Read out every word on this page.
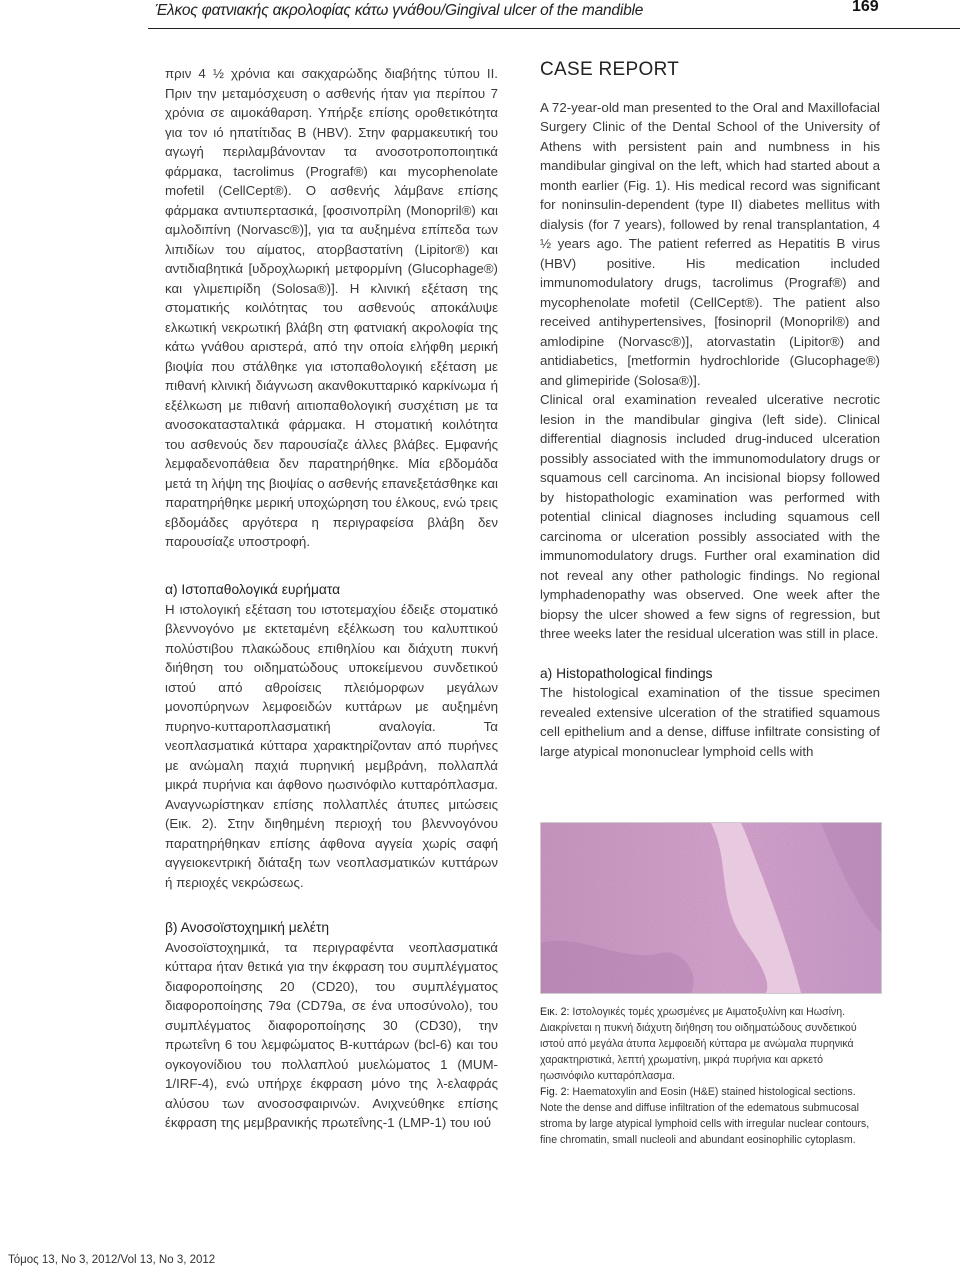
Έλκος φατνιακής ακρολοφίας κάτω γνάθου/Gingival ulcer of the mandible	169

πριν 4 ½ χρόνια και σακχαρώδης διαβήτης τύπου ΙΙ. Πριν την μεταμόσχευση ο ασθενής ήταν για περίπου 7 χρόνια σε αιμοκάθαρση. Υπήρξε επίσης οροθετικότητα για τον ιό ηπατίτιδας Β (HBV). Στην φαρμακευτική του αγωγή περιλαμβάνονταν τα ανοσοτροποποιητικά φάρμακα, tacrolimus (Prograf®) και mycophenolate mofetil (CellCept®). Ο ασθενής λάμβανε επίσης φάρμακα αντιυπερτασικά, [φοσινοπρίλη (Monopril®) και αμλοδιπίνη (Norvasc®)], για τα αυξημένα επίπεδα των λιπιδίων του αίματος, ατορβαστατίνη (Lipitor®) και αντιδιαβητικά [υδροχλωρική μετφορμίνη (Glucophage®) και γλιμεπιρίδη (Solosa®)]. Η κλινική εξέταση της στοματικής κοιλότητας του ασθενούς αποκάλυψε ελκωτική νεκρωτική βλάβη στη φατνιακή ακρολοφία της κάτω γνάθου αριστερά, από την οποία ελήφθη μερική βιοψία που στάλθηκε για ιστοπαθολογική εξέταση με πιθανή κλινική διάγνωση ακανθοκυτταρικό καρκίνωμα ή εξέλκωση με πιθανή αιτιοπαθολογική συσχέτιση με τα ανοσοκατασταλτικά φάρμακα. Η στοματική κοιλότητα του ασθενούς δεν παρουσίαζε άλλες βλάβες. Εμφανής λεμφαδενοπάθεια δεν παρατηρήθηκε. Μία εβδομάδα μετά τη λήψη της βιοψίας ο ασθενής επανεξετάσθηκε και παρατηρήθηκε μερική υποχώρηση του έλκους, ενώ τρεις εβδομάδες αργότερα η περιγραφείσα βλάβη δεν παρουσίαζε υποστροφή.

α) Ιστοπαθολογικά ευρήματα

Η ιστολογική εξέταση του ιστοτεμαχίου έδειξε στοματικό βλεννογόνο με εκτεταμένη εξέλκωση του καλυπτικού πολύστιβου πλακώδους επιθηλίου και διάχυτη πυκνή διήθηση του οιδηματώδους υποκείμενου συνδετικού ιστού από αθροίσεις πλειόμορφων μεγάλων μονοπύρηνων λεμφοειδών κυττάρων με αυξημένη πυρηνο-κυτταροπλασματική αναλογία. Τα νεοπλασματικά κύτταρα χαρακτηρίζονταν από πυρήνες με ανώμαλη παχιά πυρηνική μεμβράνη, πολλαπλά μικρά πυρήνια και άφθονο ηωσινόφιλο κυτταρόπλασμα. Αναγνωρίστηκαν επίσης πολλαπλές άτυπες μιτώσεις (Εικ. 2). Στην διηθημένη περιοχή του βλεννογόνου παρατηρήθηκαν επίσης άφθονα αγγεία χωρίς σαφή αγγειοκεντρική διάταξη των νεοπλασματικών κυττάρων ή περιοχές νεκρώσεως.

β) Ανοσοϊστοχημική μελέτη

Ανοσοϊστοχημικά, τα περιγραφέντα νεοπλασματικά κύτταρα ήταν θετικά για την έκφραση του συμπλέγματος διαφοροποίησης 20 (CD20), του συμπλέγματος διαφοροποίησης 79α (CD79a, σε ένα υποσύνολο), του συμπλέγματος διαφοροποίησης 30 (CD30), την πρωτεΐνη 6 του λεμφώματος Β-κυττάρων (bcl-6) και του ογκογονίδιου του πολλαπλού μυελώματος 1 (MUM-1/IRF-4), ενώ υπήρχε έκφραση μόνο της λ-ελαφράς αλύσου των ανοσοσφαιρινών. Ανιχνεύθηκε επίσης έκφραση της μεμβρανικής πρωτεΐνης-1 (LMP-1) του ιού

CASE REPORT

A 72-year-old man presented to the Oral and Maxillofacial Surgery Clinic of the Dental School of the University of Athens with persistent pain and numbness in his mandibular gingival on the left, which had started about a month earlier (Fig. 1). His medical record was significant for noninsulin-dependent (type II) diabetes mellitus with dialysis (for 7 years), followed by renal transplantation, 4 ½ years ago. The patient referred as Hepatitis B virus (HBV) positive. His medication included immunomodulatory drugs, tacrolimus (Prograf®) and mycophenolate mofetil (CellCept®). The patient also received antihypertensives, [fosinopril (Monopril®) and amlodipine (Norvasc®)], atorvastatin (Lipitor®) and antidiabetics, [metformin hydrochloride (Glucophage®) and glimepiride (Solosa®)].

Clinical oral examination revealed ulcerative necrotic lesion in the mandibular gingiva (left side). Clinical differential diagnosis included drug-induced ulceration possibly associated with the immunomodulatory drugs or squamous cell carcinoma. An incisional biopsy followed by histopathologic examination was performed with potential clinical diagnoses including squamous cell carcinoma or ulceration possibly associated with the immunomodulatory drugs. Further oral examination did not reveal any other pathologic findings. No regional lymphadenopathy was observed. One week after the biopsy the ulcer showed a few signs of regression, but three weeks later the residual ulceration was still in place.

a) Histopathological findings

The histological examination of the tissue specimen revealed extensive ulceration of the stratified squamous cell epithelium and a dense, diffuse infiltrate consisting of large atypical mononuclear lymphoid cells with

Εικ. 2: Ιστολογικές τομές χρωσμένες με Αιματοξυλίνη και Ηωσίνη. Διακρίνεται η πυκνή διάχυτη διήθηση του οιδηματώδους συνδετικού ιστού από μεγάλα άτυπα λεμφοειδή κύτταρα με ανώμαλα πυρηνικά χαρακτηριστικά, λεπτή χρωματίνη, μικρά πυρήνια και αρκετό ηωσινόφιλο κυτταρόπλασμα.

Fig. 2: Haematoxylin and Eosin (H&E) stained histological sections. Note the dense and diffuse infiltration of the edematous submucosal stroma by large atypical lymphoid cells with irregular nuclear contours, fine chromatin, small nucleoli and abundant eosinophilic cytoplasm.

Τόμος 13, No 3, 2012/Vol 13, No 3, 2012
